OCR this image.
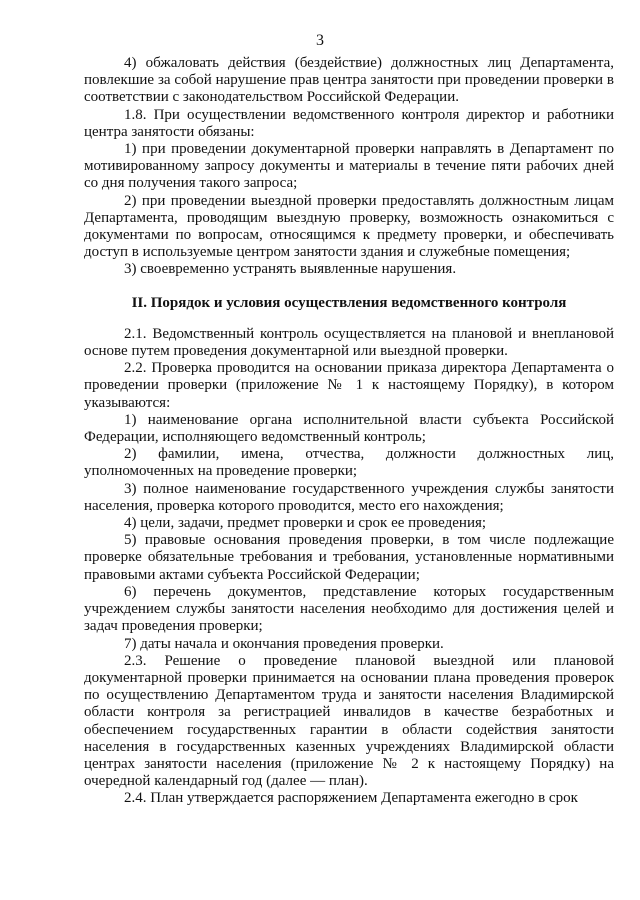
3

4) обжаловать действия (бездействие) должностных лиц Департамента, повлекшие за собой нарушение прав центра занятости при проведении проверки в соответствии с законодательством Российской Федерации.

1.8. При осуществлении ведомственного контроля директор и работники центра занятости обязаны:

1) при проведении документарной проверки направлять в Департамент по мотивированному запросу документы и материалы в течение пяти рабочих дней со дня получения такого запроса;

2) при проведении выездной проверки предоставлять должностным лицам Департамента, проводящим выездную проверку, возможность ознакомиться с документами по вопросам, относящимся к предмету проверки, и обеспечивать доступ в используемые центром занятости здания и служебные помещения;

3) своевременно устранять выявленные нарушения.

II. Порядок и условия осуществления ведомственного контроля

2.1. Ведомственный контроль осуществляется на плановой и внеплановой основе путем проведения документарной или выездной проверки.

2.2. Проверка проводится на основании приказа директора Департамента о проведении проверки (приложение № 1 к настоящему Порядку), в котором указываются:

1) наименование органа исполнительной власти субъекта Российской Федерации, исполняющего ведомственный контроль;

2) фамилии, имена, отчества, должности должностных лиц, уполномоченных на проведение проверки;

3) полное наименование государственного учреждения службы занятости населения, проверка которого проводится, место его нахождения;

4) цели, задачи, предмет проверки и срок ее проведения;

5) правовые основания проведения проверки, в том числе подлежащие проверке обязательные требования и требования, установленные нормативными правовыми актами субъекта Российской Федерации;

6) перечень документов, представление которых государственным учреждением службы занятости населения необходимо для достижения целей и задач проведения проверки;

7) даты начала и окончания проведения проверки.

2.3. Решение о проведение плановой выездной или плановой документарной проверки принимается на основании плана проведения проверок по осуществлению Департаментом труда и занятости населения Владимирской области контроля за регистрацией инвалидов в качестве безработных и обеспечением государственных гарантии в области содействия занятости населения в государственных казенных учреждениях Владимирской области центрах занятости населения (приложение № 2 к настоящему Порядку) на очередной календарный год (далее — план).

2.4. План утверждается распоряжением Департамента ежегодно в срок
